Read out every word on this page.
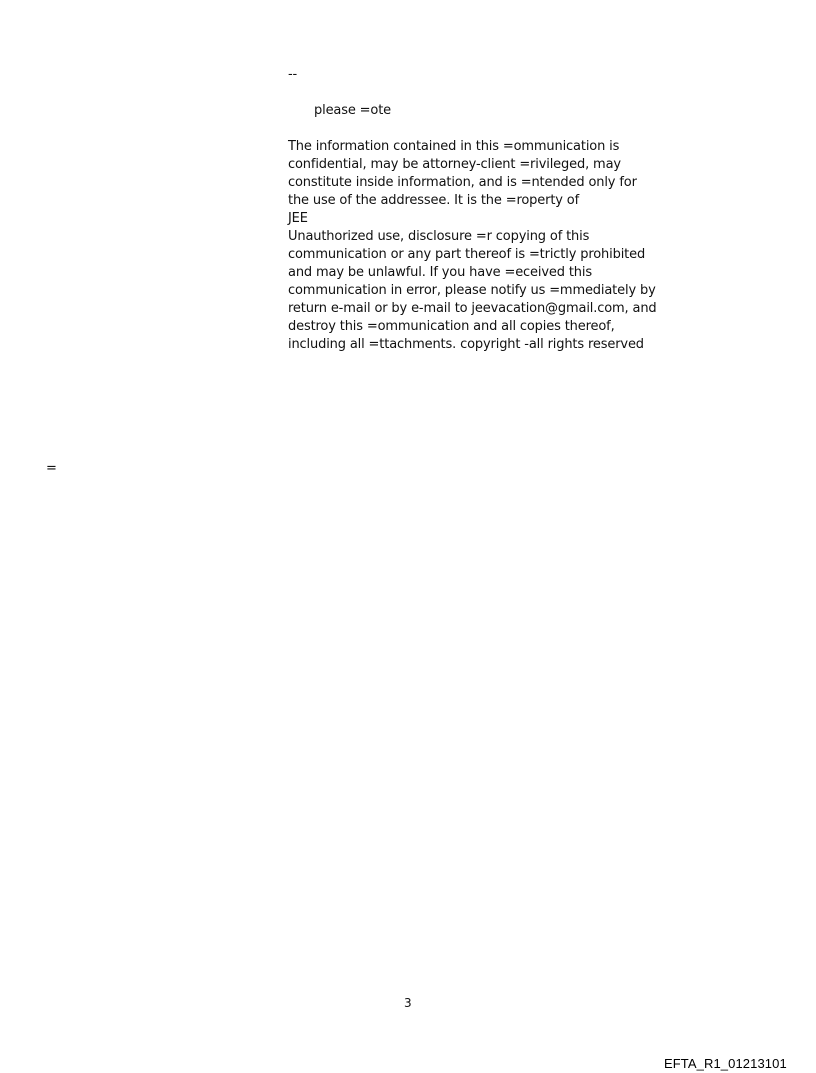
--
please =ote
The information contained in this =ommunication is
confidential, may be attorney-client =rivileged, may
constitute inside information, and is =ntended only for
the use of the addressee. It is the =roperty of
JEE
Unauthorized use, disclosure =r copying of this
communication or any part thereof is =trictly prohibited
and may be unlawful. If you have =eceived this
communication in error, please notify us =mmediately by
return e-mail or by e-mail to jeevacation@gmail.com, and
destroy this =ommunication and all copies thereof,
including all =ttachments. copyright -all rights reserved
=
3
EFTA_R1_01213101
